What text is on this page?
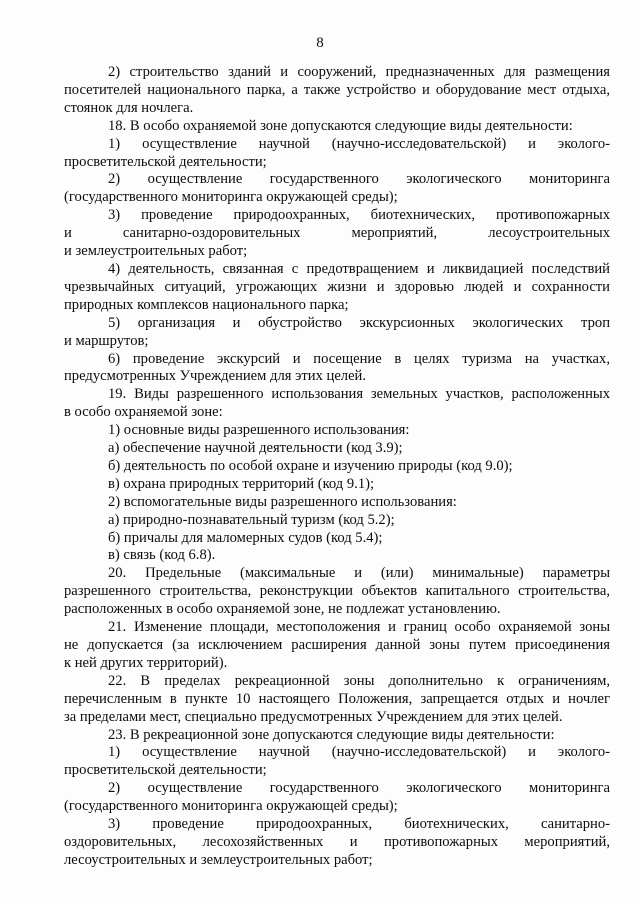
8
2) строительство зданий и сооружений, предназначенных для размещения
посетителей национального парка, а также устройство и оборудование мест отдыха,
стоянок для ночлега.
18. В особо охраняемой зоне допускаются следующие виды деятельности:
1) осуществление научной (научно-исследовательской) и эколого-
просветительской деятельности;
2) осуществление государственного экологического мониторинга
(государственного мониторинга окружающей среды);
3) проведение природоохранных, биотехнических, противопожарных
и санитарно-оздоровительных мероприятий, лесоустроительных
и землеустроительных работ;
4) деятельность, связанная с предотвращением и ликвидацией последствий
чрезвычайных ситуаций, угрожающих жизни и здоровью людей и сохранности
природных комплексов национального парка;
5) организация и обустройство экскурсионных экологических троп
и маршрутов;
6) проведение экскурсий и посещение в целях туризма на участках,
предусмотренных Учреждением для этих целей.
19. Виды разрешенного использования земельных участков, расположенных
в особо охраняемой зоне:
1) основные виды разрешенного использования:
а) обеспечение научной деятельности (код 3.9);
б) деятельность по особой охране и изучению природы (код 9.0);
в) охрана природных территорий (код 9.1);
2) вспомогательные виды разрешенного использования:
а) природно-познавательный туризм (код 5.2);
б) причалы для маломерных судов (код 5.4);
в) связь (код 6.8).
20. Предельные (максимальные и (или) минимальные) параметры
разрешенного строительства, реконструкции объектов капитального строительства,
расположенных в особо охраняемой зоне, не подлежат установлению.
21. Изменение площади, местоположения и границ особо охраняемой зоны
не допускается (за исключением расширения данной зоны путем присоединения
к ней других территорий).
22. В пределах рекреационной зоны дополнительно к ограничениям,
перечисленным в пункте 10 настоящего Положения, запрещается отдых и ночлег
за пределами мест, специально предусмотренных Учреждением для этих целей.
23. В рекреационной зоне допускаются следующие виды деятельности:
1) осуществление научной (научно-исследовательской) и эколого-
просветительской деятельности;
2) осуществление государственного экологического мониторинга
(государственного мониторинга окружающей среды);
3) проведение природоохранных, биотехнических, санитарно-
оздоровительных, лесохозяйственных и противопожарных мероприятий,
лесоустроительных и землеустроительных работ;
